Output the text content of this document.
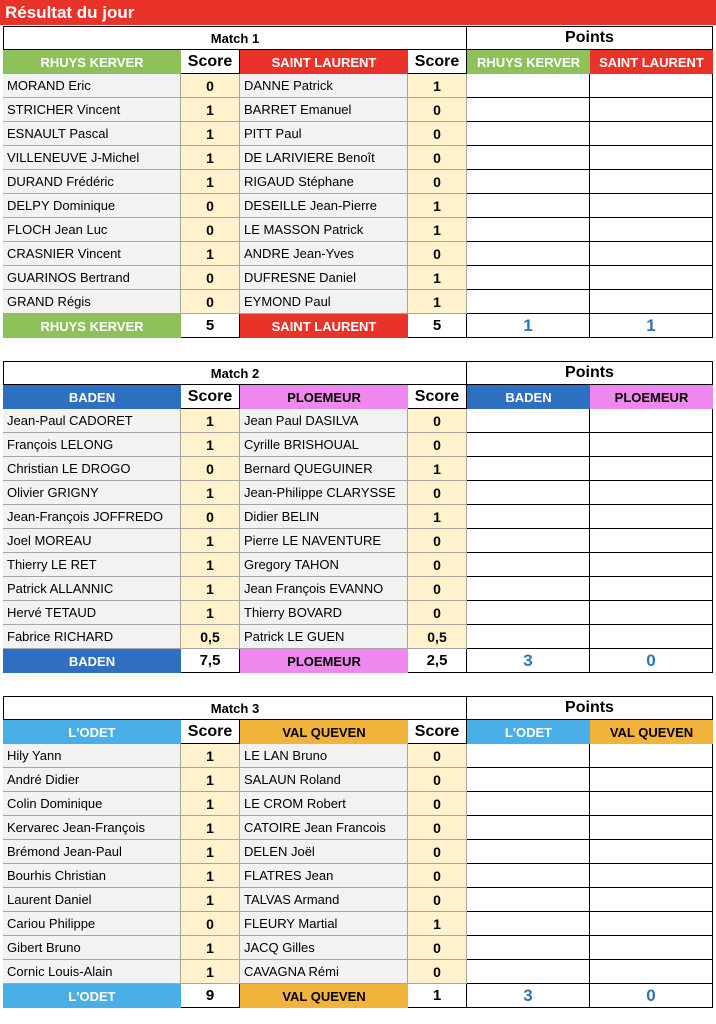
Résultat du jour
Match 1	Points
RHUYS KERVER	Score	SAINT LAURENT	Score	RHUYS KERVER	SAINT LAURENT
MORAND Eric	0	DANNE Patrick	1
STRICHER Vincent	1	BARRET Emanuel	0
ESNAULT Pascal	1	PITT Paul	0
VILLENEUVE J-Michel	1	DE LARIVIERE Benoît	0
DURAND Frédéric	1	RIGAUD Stéphane	0
DELPY Dominique	0	DESEILLE Jean-Pierre	1
FLOCH Jean Luc	0	LE MASSON Patrick	1
CRASNIER Vincent	1	ANDRE Jean-Yves	0
GUARINOS Bertrand	0	DUFRESNE Daniel	1
GRAND Régis	0	EYMOND Paul	1
RHUYS KERVER	5	SAINT LAURENT	5	1	1
Match 2	Points
BADEN	Score	PLOEMEUR	Score	BADEN	PLOEMEUR
Jean-Paul CADORET	1	Jean Paul DASILVA	0
François LELONG	1	Cyrille BRISHOUAL	0
Christian LE DROGO	0	Bernard QUEGUINER	1
Olivier GRIGNY	1	Jean-Philippe CLARYSSE	0
Jean-François JOFFREDO	0	Didier BELIN	1
Joel MOREAU	1	Pierre LE NAVENTURE	0
Thierry LE RET	1	Gregory TAHON	0
Patrick ALLANNIC	1	Jean François EVANNO	0
Hervé TETAUD	1	Thierry BOVARD	0
Fabrice RICHARD	0,5	Patrick LE GUEN	0,5
BADEN	7,5	PLOEMEUR	2,5	3	0
Match 3	Points
L'ODET	Score	VAL QUEVEN	Score	L'ODET	VAL QUEVEN
Hily Yann	1	LE LAN Bruno	0
André Didier	1	SALAUN Roland	0
Colin Dominique	1	LE CROM Robert	0
Kervarec Jean-François	1	CATOIRE Jean Francois	0
Brémond Jean-Paul	1	DELEN Joël	0
Bourhis Christian	1	FLATRES Jean	0
Laurent Daniel	1	TALVAS Armand	0
Cariou Philippe	0	FLEURY Martial	1
Gibert Bruno	1	JACQ Gilles	0
Cornic Louis-Alain	1	CAVAGNA Rémi	0
L'ODET	9	VAL QUEVEN	1	3	0
